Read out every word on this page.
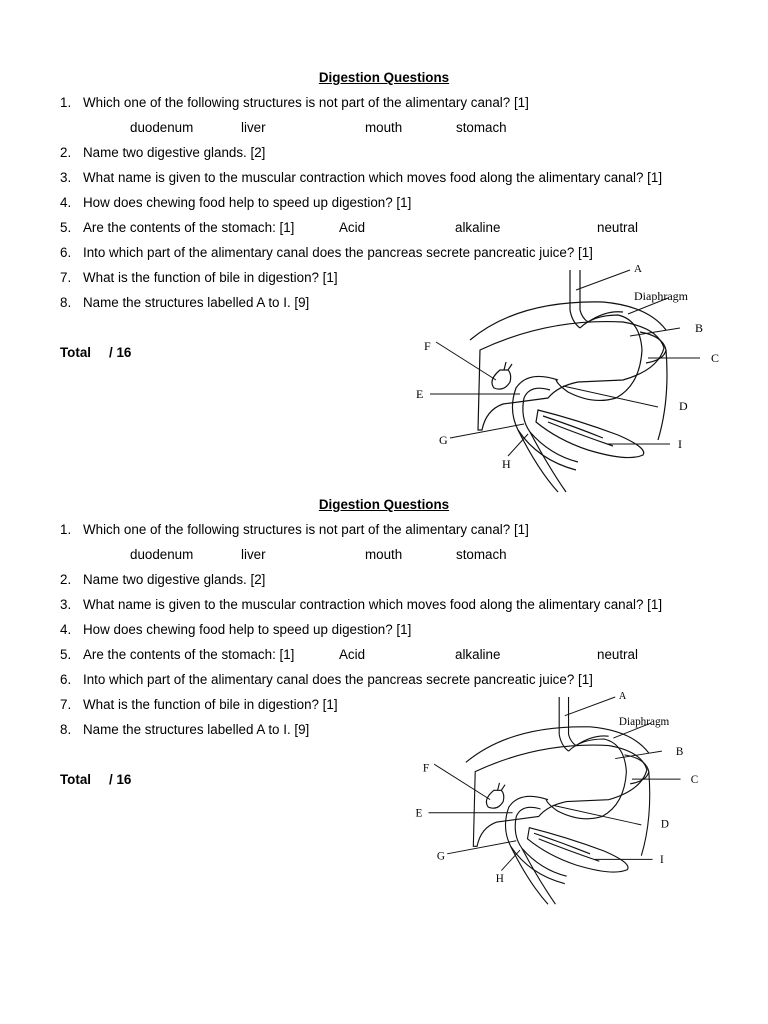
Digestion Questions
1. Which one of the following structures is not part of the alimentary canal? [1]
duodenum	liver	mouth	stomach
2. Name two digestive glands. [2]
3. What name is given to the muscular contraction which moves food along the alimentary canal? [1]
4. How does chewing food help to speed up digestion? [1]
5. Are the contents of the stomach: [1]	Acid	alkaline	neutral
6. Into which part of the alimentary canal does the pancreas secrete pancreatic juice? [1]
7. What is the function of bile in digestion? [1]
8. Name the structures labelled A to I. [9]
Total / 16
A
Diaphragm
B
C
D
E
F
G
H
I
Digestion Questions
1. Which one of the following structures is not part of the alimentary canal? [1]
duodenum	liver	mouth	stomach
2. Name two digestive glands. [2]
3. What name is given to the muscular contraction which moves food along the alimentary canal? [1]
4. How does chewing food help to speed up digestion? [1]
5. Are the contents of the stomach: [1]	Acid	alkaline	neutral
6. Into which part of the alimentary canal does the pancreas secrete pancreatic juice? [1]
7. What is the function of bile in digestion? [1]
8. Name the structures labelled A to I. [9]
Total / 16
A
Diaphragm
B
C
D
E
F
G
H
I
